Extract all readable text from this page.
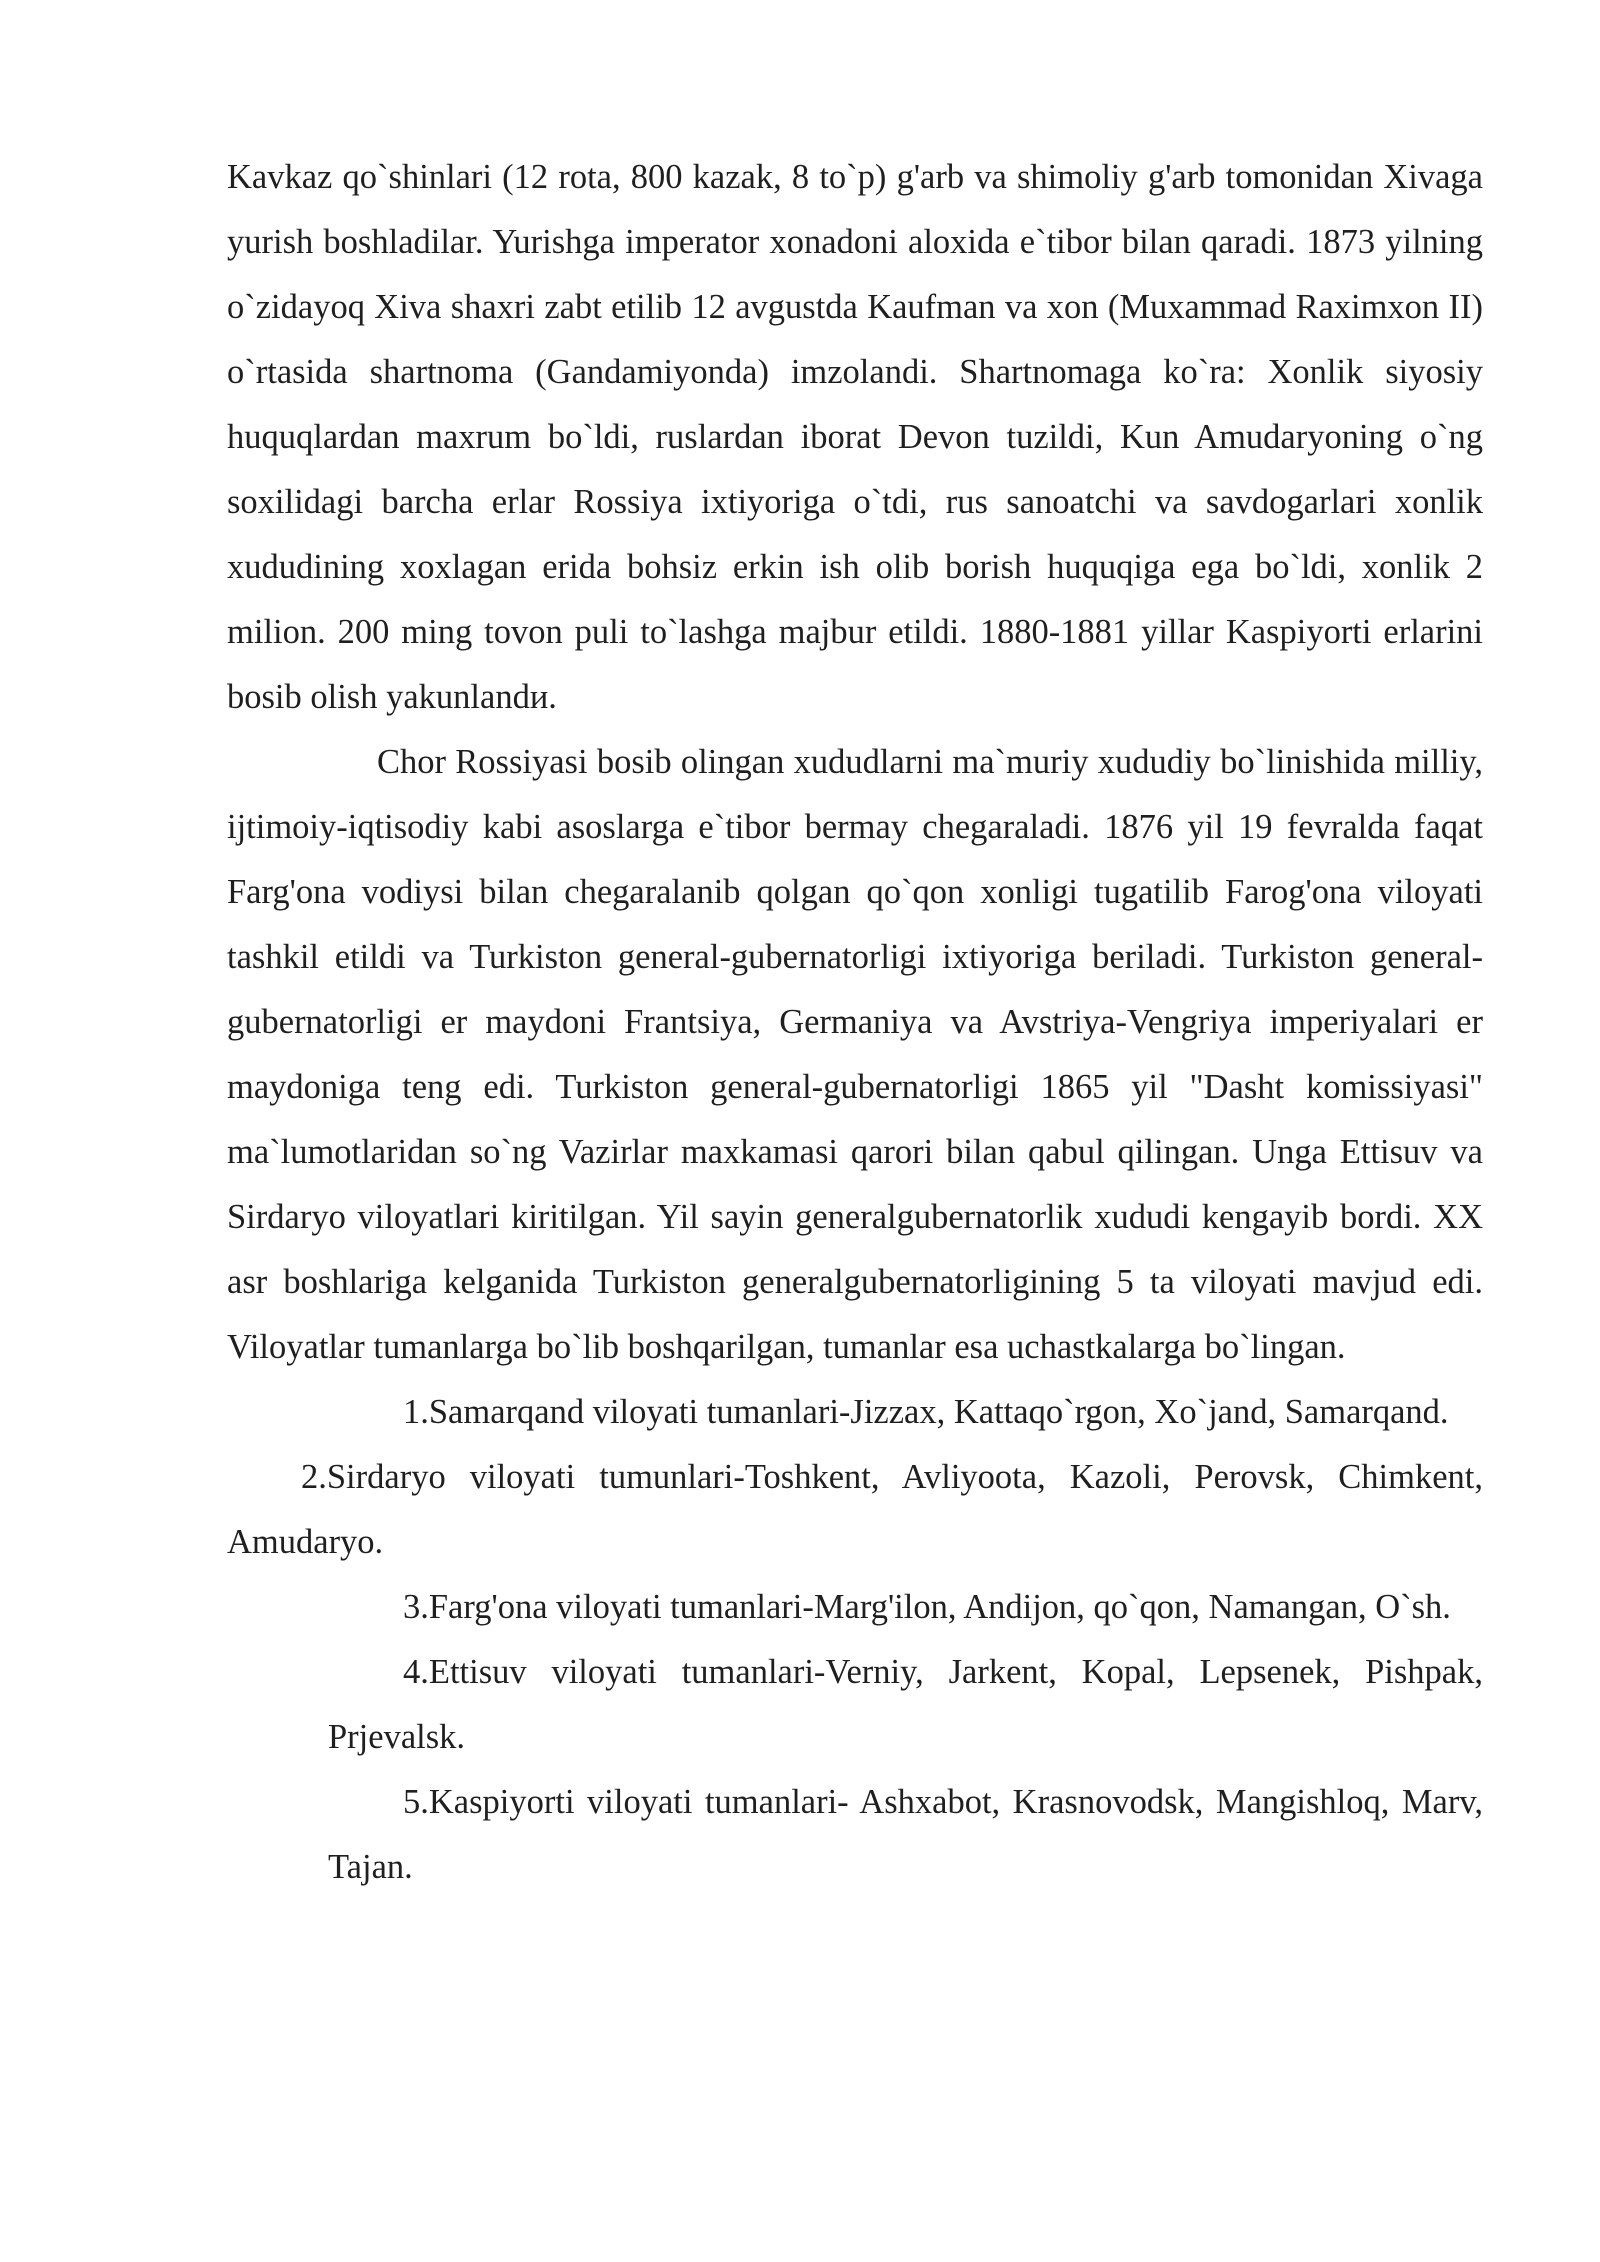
Kavkaz qo`shinlari (12 rota, 800 kazak, 8 to`p) g'arb va shimoliy g'arb tomonidan Xivaga yurish boshladilar. Yurishga imperator xonadoni aloxida e`tibor bilan qaradi. 1873 yilning o`zidayoq Xiva shaxri zabt etilib 12 avgustda Kaufman va xon (Muxammad Raximxon II) o`rtasida shartnoma (Gandamiyonda) imzolandi. Shartnomaga ko`ra: Xonlik siyosiy huquqlardan maxrum bo`ldi, ruslardan iborat Devon tuzildi, Kun Amudaryoning o`ng soxilidagi barcha erlar Rossiya ixtiyoriga o`tdi, rus sanoatchi va savdogarlari xonlik xududining xoxlagan erida bohsiz erkin ish olib borish huquqiga ega bo`ldi, xonlik 2 milion. 200 ming tovon puli to`lashga majbur etildi. 1880-1881 yillar Kaspiyorti erlarini bosib olish yakunlandи.

Chor Rossiyasi bosib olingan xududlarni ma`muriy xududiy bo`linishida milliy, ijtimoiy-iqtisodiy kabi asoslarga e`tibor bermay chegaraladi. 1876 yil 19 fevralda faqat Farg'ona vodiysi bilan chegaralanib qolgan qo`qon xonligi tugatilib Farog'ona viloyati tashkil etildi va Turkiston general-gubernatorligi ixtiyoriga beriladi. Turkiston general-gubernatorligi er maydoni Frantsiya, Germaniya va Avstriya-Vengriya imperiyalari er maydoniga teng edi. Turkiston general-gubernatorligi 1865 yil "Dasht komissiyasi" ma`lumotlaridan so`ng Vazirlar maxkamasi qarori bilan qabul qilingan. Unga Ettisuv va Sirdaryo viloyatlari kiritilgan. Yil sayin generalgubernatorlik xududi kengayib bordi. XX asr boshlariga kelganida Turkiston generalgubernatorligining 5 ta viloyati mavjud edi. Viloyatlar tumanlarga bo`lib boshqarilgan, tumanlar esa uchastkalarga bo`lingan.

1.Samarqand viloyati tumanlari-Jizzax, Kattaqo`rgon, Xo`jand, Samarqand.

2.Sirdaryo viloyati tumunlari-Toshkent, Avliyoota, Kazoli, Perovsk, Chimkent, Amudaryo.

3.Farg'ona viloyati tumanlari-Marg'ilon, Andijon, qo`qon, Namangan, O`sh.

4.Ettisuv viloyati tumanlari-Verniy, Jarkent, Kopal, Lepsenek, Pishpak, Prjevalsk.

5.Kaspiyorti viloyati tumanlari- Ashxabot, Krasnovodsk, Mangishloq, Marv, Tajan.
